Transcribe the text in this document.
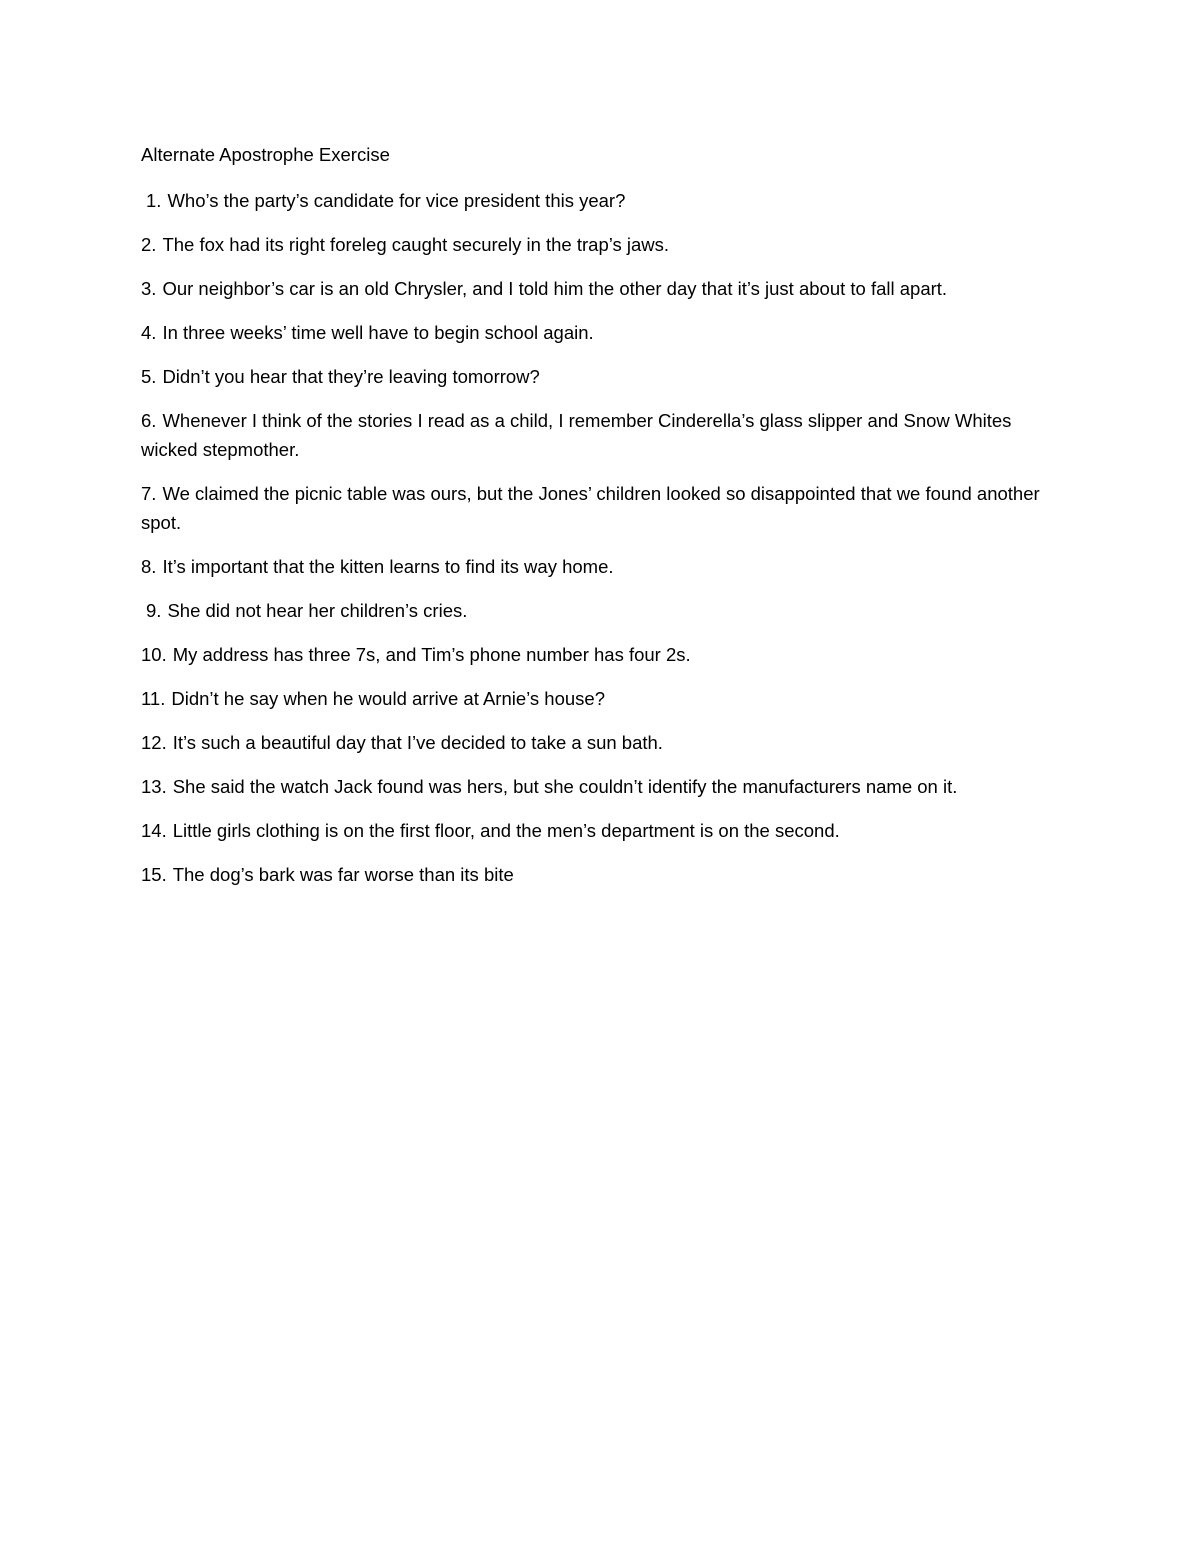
Alternate Apostrophe Exercise
1. Who’s the party’s candidate for vice president this year?
2. The fox had its right foreleg caught securely in the trap’s jaws.
3. Our neighbor’s car is an old Chrysler, and I told him the other day that it’s just about to fall apart.
4. In three weeks’ time well have to begin school again.
5. Didn’t you hear that they’re leaving tomorrow?
6. Whenever I think of the stories I read as a child, I remember Cinderella’s glass slipper and Snow Whites wicked stepmother.
7. We claimed the picnic table was ours, but the Jones’ children looked so disappointed that we found another spot.
8. It’s important that the kitten learns to find its way home.
9. She did not hear her children’s cries.
10. My address has three 7s, and Tim’s phone number has four 2s.
11. Didn’t he say when he would arrive at Arnie’s house?
12. It’s such a beautiful day that I’ve decided to take a sun bath.
13. She said the watch Jack found was hers, but she couldn’t identify the manufacturers name on it.
14. Little girls clothing is on the first floor, and the men’s department is on the second.
15. The dog’s bark was far worse than its bite
